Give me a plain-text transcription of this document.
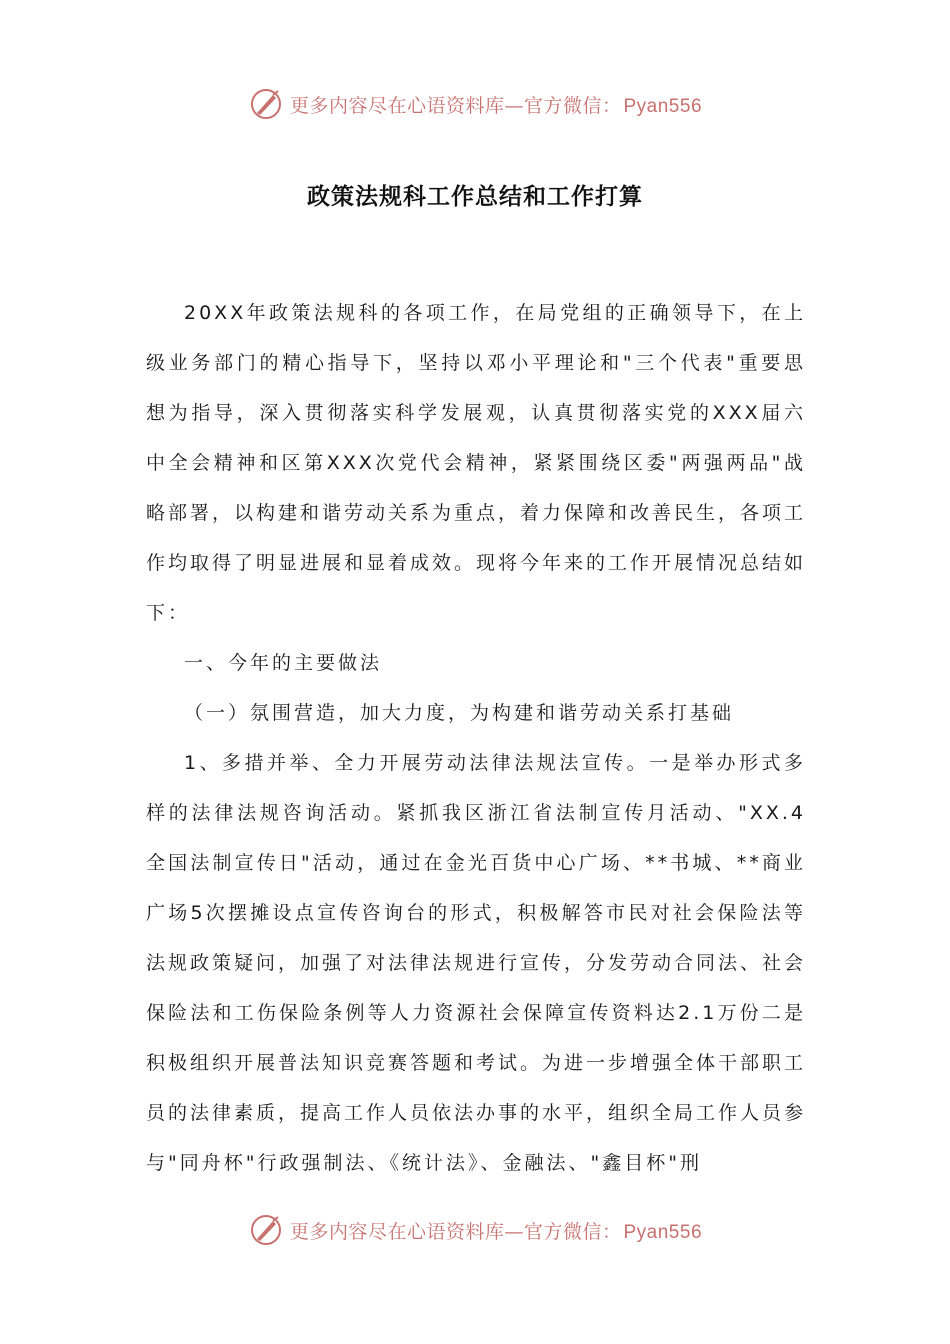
更多内容尽在心语资料库—官方微信： Pyan556
政策法规科工作总结和工作打算

20XX年政策法规科的各项工作，在局党组的正确领导下，在上级业务部门的精心指导下，坚持以邓小平理论和"三个代表"重要思想为指导，深入贯彻落实科学发展观，认真贯彻落实党的XXX届六中全会精神和区第XXX次党代会精神，紧紧围绕区委"两强两品"战略部署，以构建和谐劳动关系为重点，着力保障和改善民生，各项工作均取得了明显进展和显着成效。现将今年来的工作开展情况总结如下：

一、今年的主要做法

（一）氛围营造，加大力度，为构建和谐劳动关系打基础

1、多措并举、全力开展劳动法律法规法宣传。一是举办形式多样的法律法规咨询活动。紧抓我区浙江省法制宣传月活动、"XX.4全国法制宣传日"活动，通过在金光百货中心广场、**书城、**商业广场5次摆摊设点宣传咨询台的形式，积极解答市民对社会保险法等法规政策疑问，加强了对法律法规进行宣传，分发劳动合同法、社会保险法和工伤保险条例等人力资源社会保障宣传资料达2.1万份二是积极组织开展普法知识竞赛答题和考试。为进一步增强全体干部职工员的法律素质，提高工作人员依法办事的水平，组织全局工作人员参与"同舟杯"行政强制法、《统计法》、金融法、"鑫目杯"刑

更多内容尽在心语资料库—官方微信： Pyan556
